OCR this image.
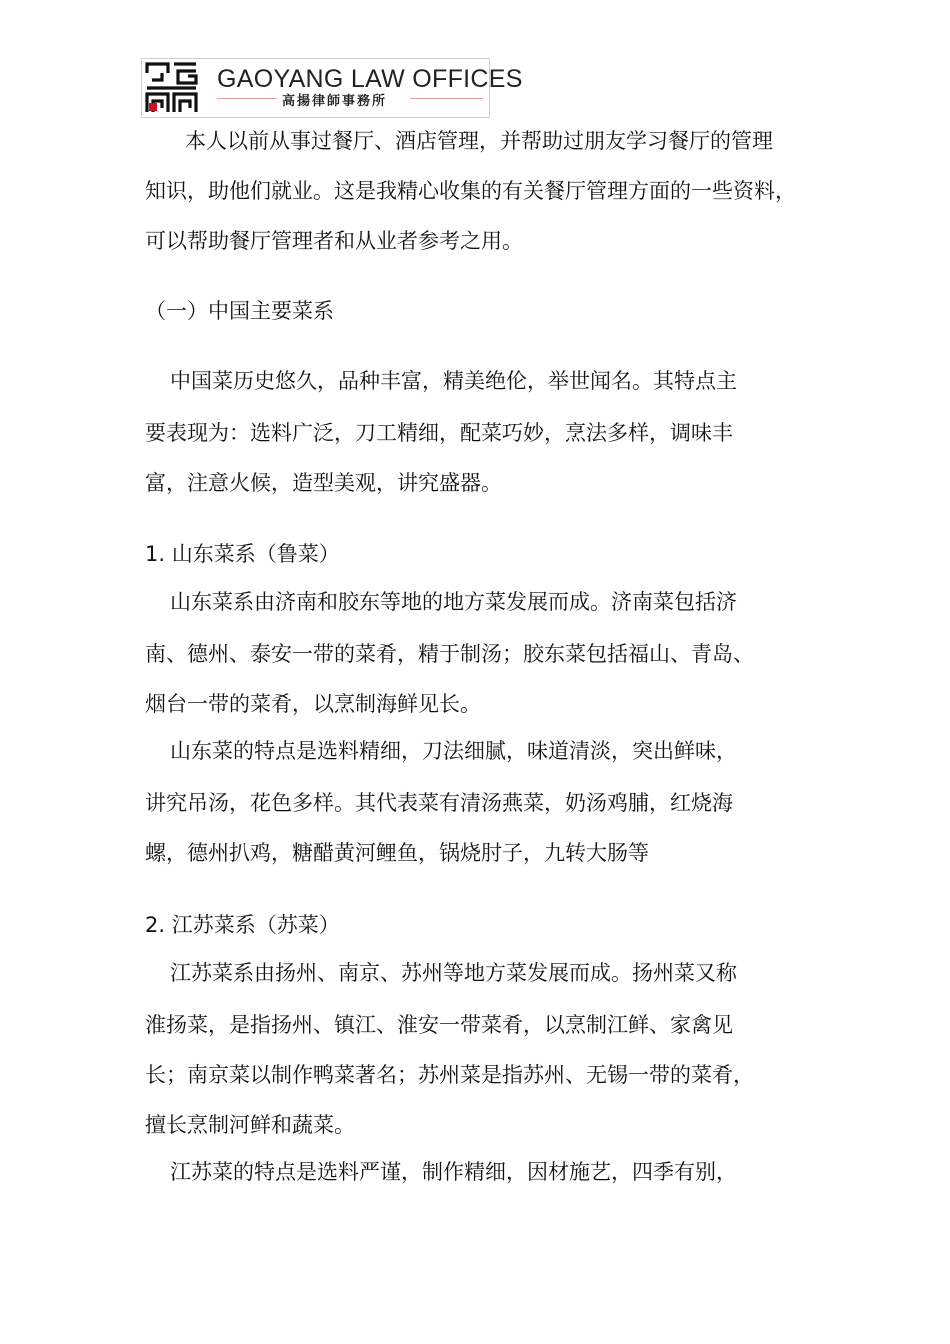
GAOYANG LAW OFFICES
高揚律師事務所
本人以前从事过餐厅、酒店管理，并帮助过朋友学习餐厅的管理
知识，助他们就业。这是我精心收集的有关餐厅管理方面的一些资料，
可以帮助餐厅管理者和从业者参考之用。
（一）中国主要菜系
中国菜历史悠久，品种丰富，精美绝伦，举世闻名。其特点主
要表现为：选料广泛，刀工精细，配菜巧妙，烹法多样，调味丰
富，注意火候，造型美观，讲究盛器。
1. 山东菜系（鲁菜）
山东菜系由济南和胶东等地的地方菜发展而成。济南菜包括济
南、德州、泰安一带的菜肴，精于制汤；胶东菜包括福山、青岛、
烟台一带的菜肴，以烹制海鲜见长。
山东菜的特点是选料精细，刀法细腻，味道清淡，突出鲜味，
讲究吊汤，花色多样。其代表菜有清汤燕菜，奶汤鸡脯，红烧海
螺，德州扒鸡，糖醋黄河鲤鱼，锅烧肘子，九转大肠等
2. 江苏菜系（苏菜）
江苏菜系由扬州、南京、苏州等地方菜发展而成。扬州菜又称
淮扬菜，是指扬州、镇江、淮安一带菜肴，以烹制江鲜、家禽见
长；南京菜以制作鸭菜著名；苏州菜是指苏州、无锡一带的菜肴，
擅长烹制河鲜和蔬菜。
江苏菜的特点是选料严谨，制作精细，因材施艺，四季有别，
